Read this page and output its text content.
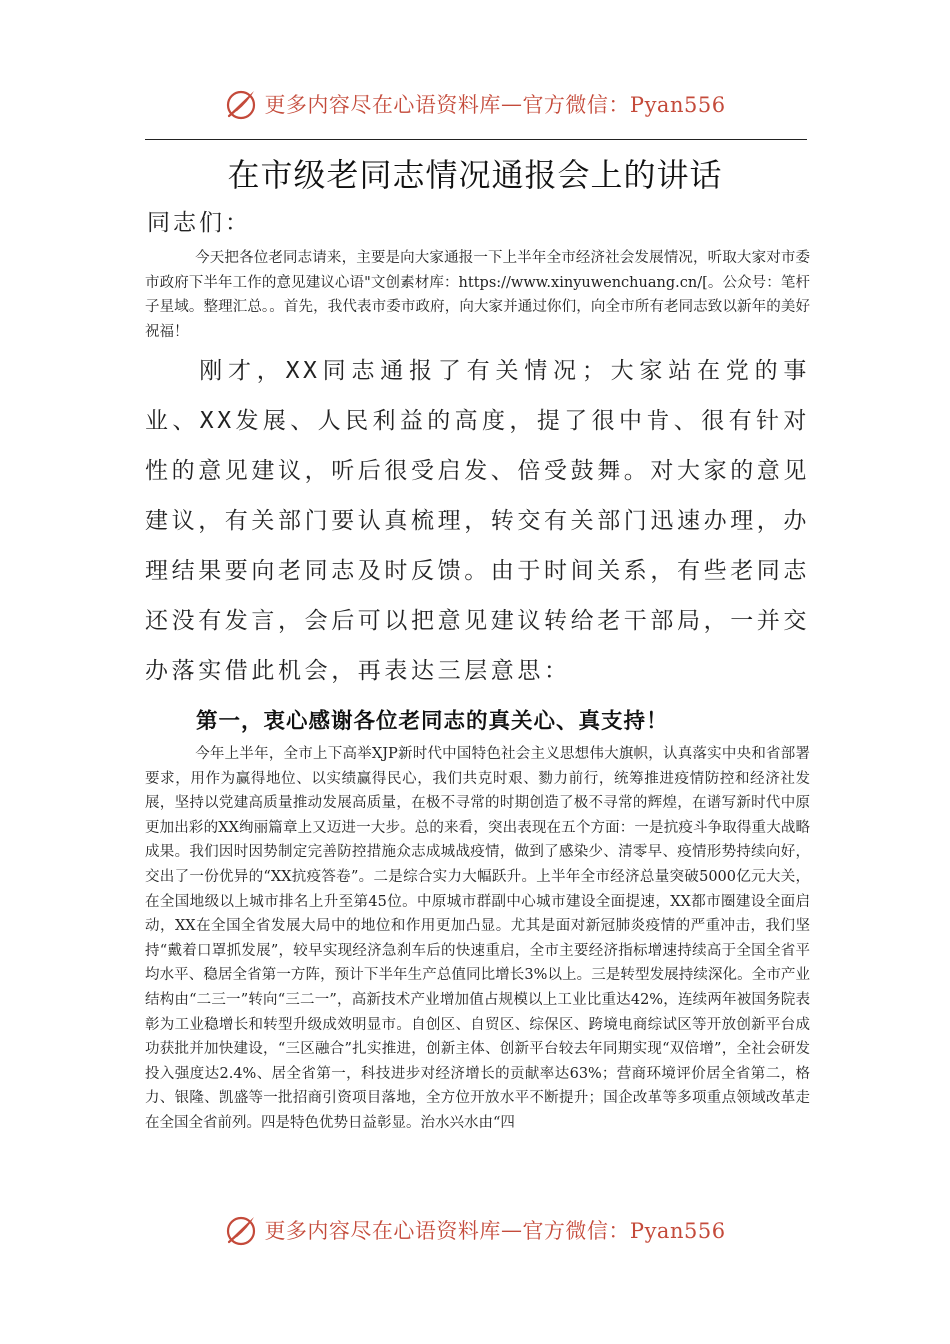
更多内容尽在心语资料库 — 官方微信：Pyan556
在市级老同志情况通报会上的讲话
同志们：

今天把各位老同志请来，主要是向大家通报一下上半年全市经济社会发展情况，听取大家对市委市政府下半年工作的意见建议心语"文创素材库：https://www.xinyuwenchuang.cn/[。公众号：笔杆子星域。整理汇总。。首先，我代表市委市政府，向大家并通过你们，向全市所有老同志致以新年的美好祝福！

刚才，XX同志通报了有关情况；大家站在党的事业、XX发展、人民利益的高度，提了很中肯、很有针对性的意见建议，听后很受启发、倍受鼓舞。对大家的意见建议，有关部门要认真梳理，转交有关部门迅速办理，办理结果要向老同志及时反馈。由于时间关系，有些老同志还没有发言，会后可以把意见建议转给老干部局，一并交办落实借此机会，再表达三层意思：

第一，衷心感谢各位老同志的真关心、真支持！

今年上半年，全市上下高举XJP新时代中国特色社会主义思想伟大旗帜，认真落实中央和省部署要求，用作为赢得地位、以实绩赢得民心，我们共克时艰、勠力前行，统筹推进疫情防控和经济社发展，坚持以党建高质量推动发展高质量，在极不寻常的时期创造了极不寻常的辉煌，在谱写新时代中原更加出彩的XX绚丽篇章上又迈进一大步。总的来看，突出表现在五个方面：一是抗疫斗争取得重大战略成果。我们因时因势制定完善防控措施众志成城战疫情，做到了感染少、清零早、疫情形势持续向好，交出了一份优异的“XX抗疫答卷”。二是综合实力大幅跃升。上半年全市经济总量突破5000亿元大关，在全国地级以上城市排名上升至第45位。中原城市群副中心城市建设全面提速，XX都市圈建设全面启动，XX在全国全省发展大局中的地位和作用更加凸显。尤其是面对新冠肺炎疫情的严重冲击，我们坚持“戴着口罩抓发展”，较早实现经济急刹车后的快速重启，全市主要经济指标增速持续高于全国全省平均水平、稳居全省第一方阵，预计下半年生产总值同比增长3%以上。三是转型发展持续深化。全市产业结构由“二三一”转向“三二一”，高新技术产业增加值占规模以上工业比重达42%，连续两年被国务院表彰为工业稳增长和转型升级成效明显市。自创区、自贸区、综保区、跨境电商综试区等开放创新平台成功获批并加快建设，“三区融合”扎实推进，创新主体、创新平台较去年同期实现“双倍增”，全社会研发投入强度达2.4%、居全省第一，科技进步对经济增长的贡献率达63%；营商环境评价居全省第二，格力、银隆、凯盛等一批招商引资项目落地，全方位开放水平不断提升；国企改革等多项重点领域改革走在全国全省前列。四是特色优势日益彰显。治水兴水由“四

更多内容尽在心语资料库 — 官方微信：Pyan556
